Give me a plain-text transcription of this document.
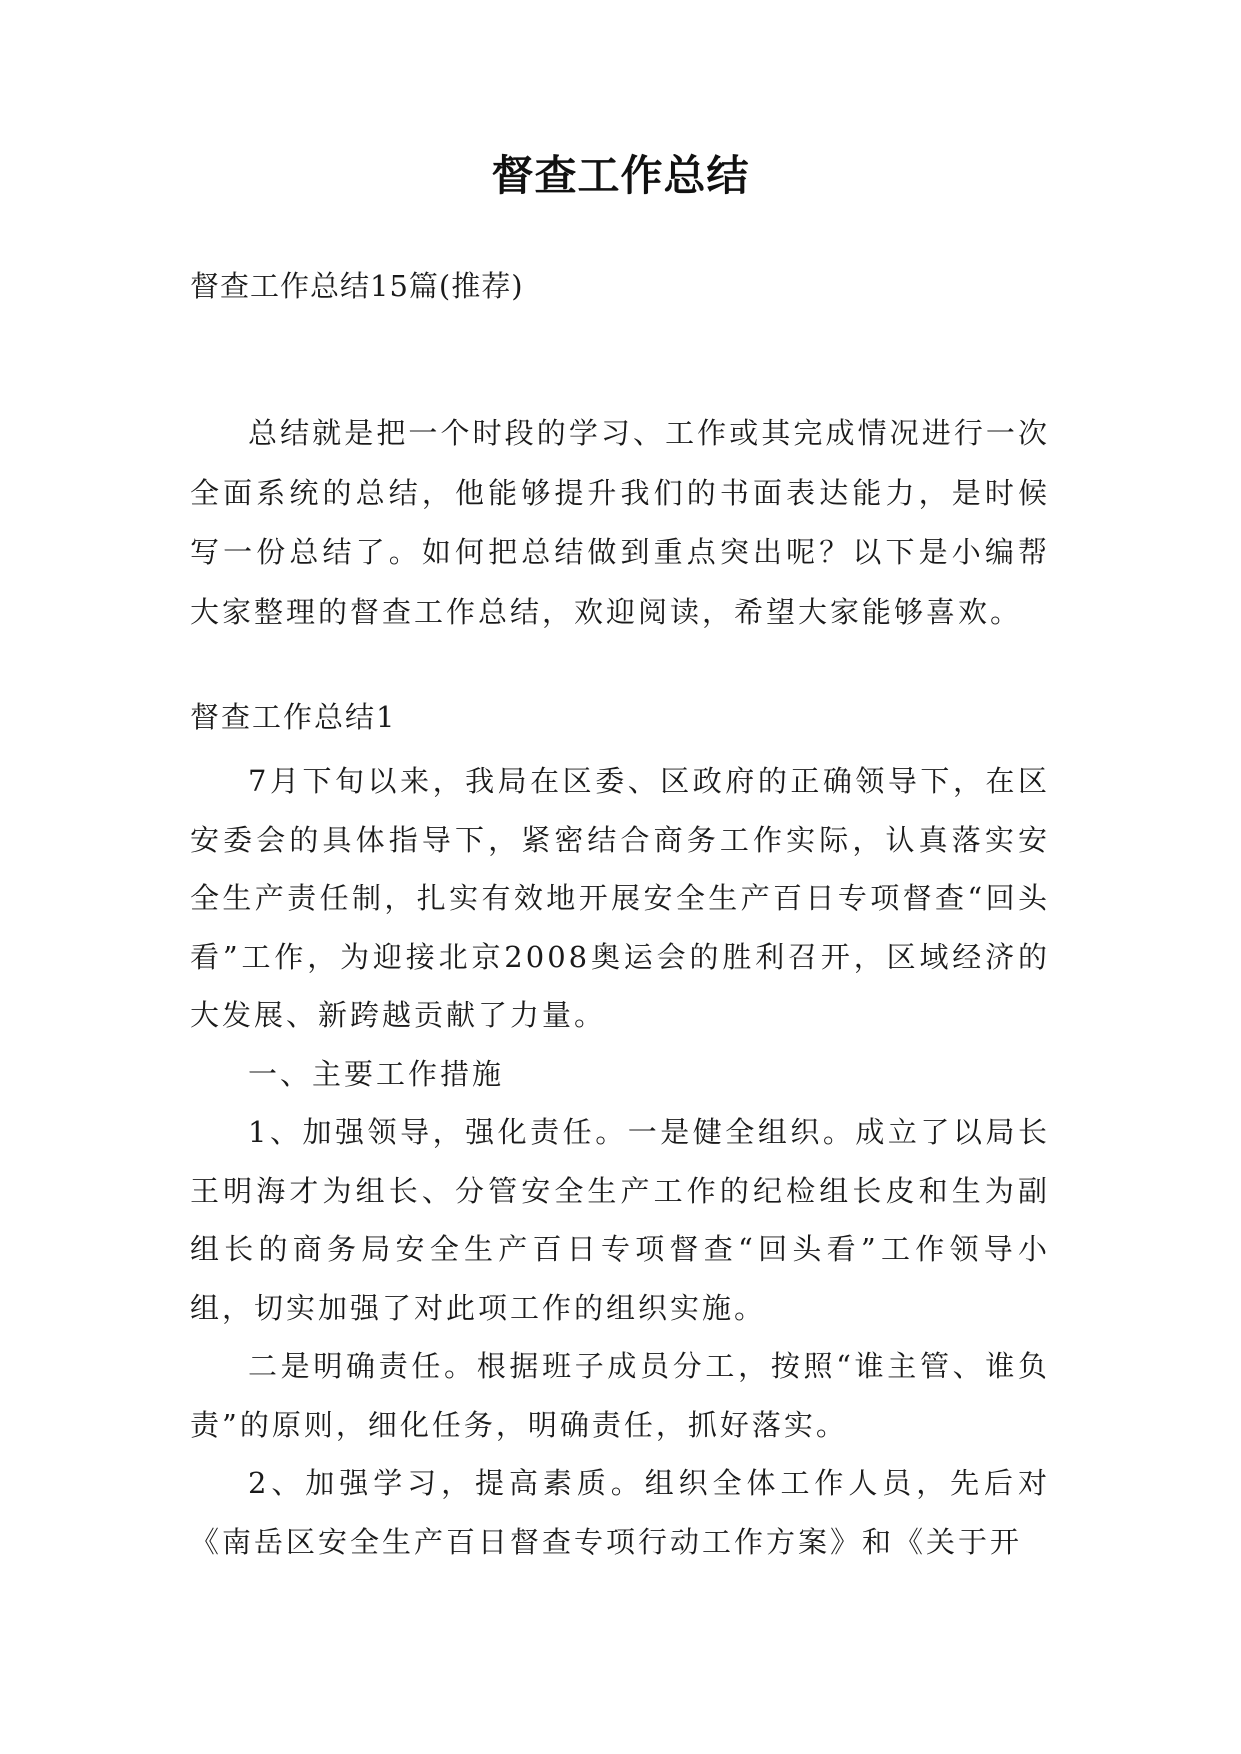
督查工作总结
督查工作总结15篇(推荐)
总结就是把一个时段的学习、工作或其完成情况进行一次全面系统的总结，他能够提升我们的书面表达能力，是时候写一份总结了。如何把总结做到重点突出呢？以下是小编帮大家整理的督查工作总结，欢迎阅读，希望大家能够喜欢。
督查工作总结1

7月下旬以来，我局在区委、区政府的正确领导下，在区安委会的具体指导下，紧密结合商务工作实际，认真落实安全生产责任制，扎实有效地开展安全生产百日专项督查“回头看”工作，为迎接北京2008奥运会的胜利召开，区域经济的大发展、新跨越贡献了力量。

一、主要工作措施

1、加强领导，强化责任。一是健全组织。成立了以局长王明海才为组长、分管安全生产工作的纪检组长皮和生为副组长的商务局安全生产百日专项督查“回头看”工作领导小组，切实加强了对此项工作的组织实施。

二是明确责任。根据班子成员分工，按照“谁主管、谁负责”的原则，细化任务，明确责任，抓好落实。

2、加强学习，提高素质。组织全体工作人员，先后对《南岳区安全生产百日督查专项行动工作方案》和《关于开
